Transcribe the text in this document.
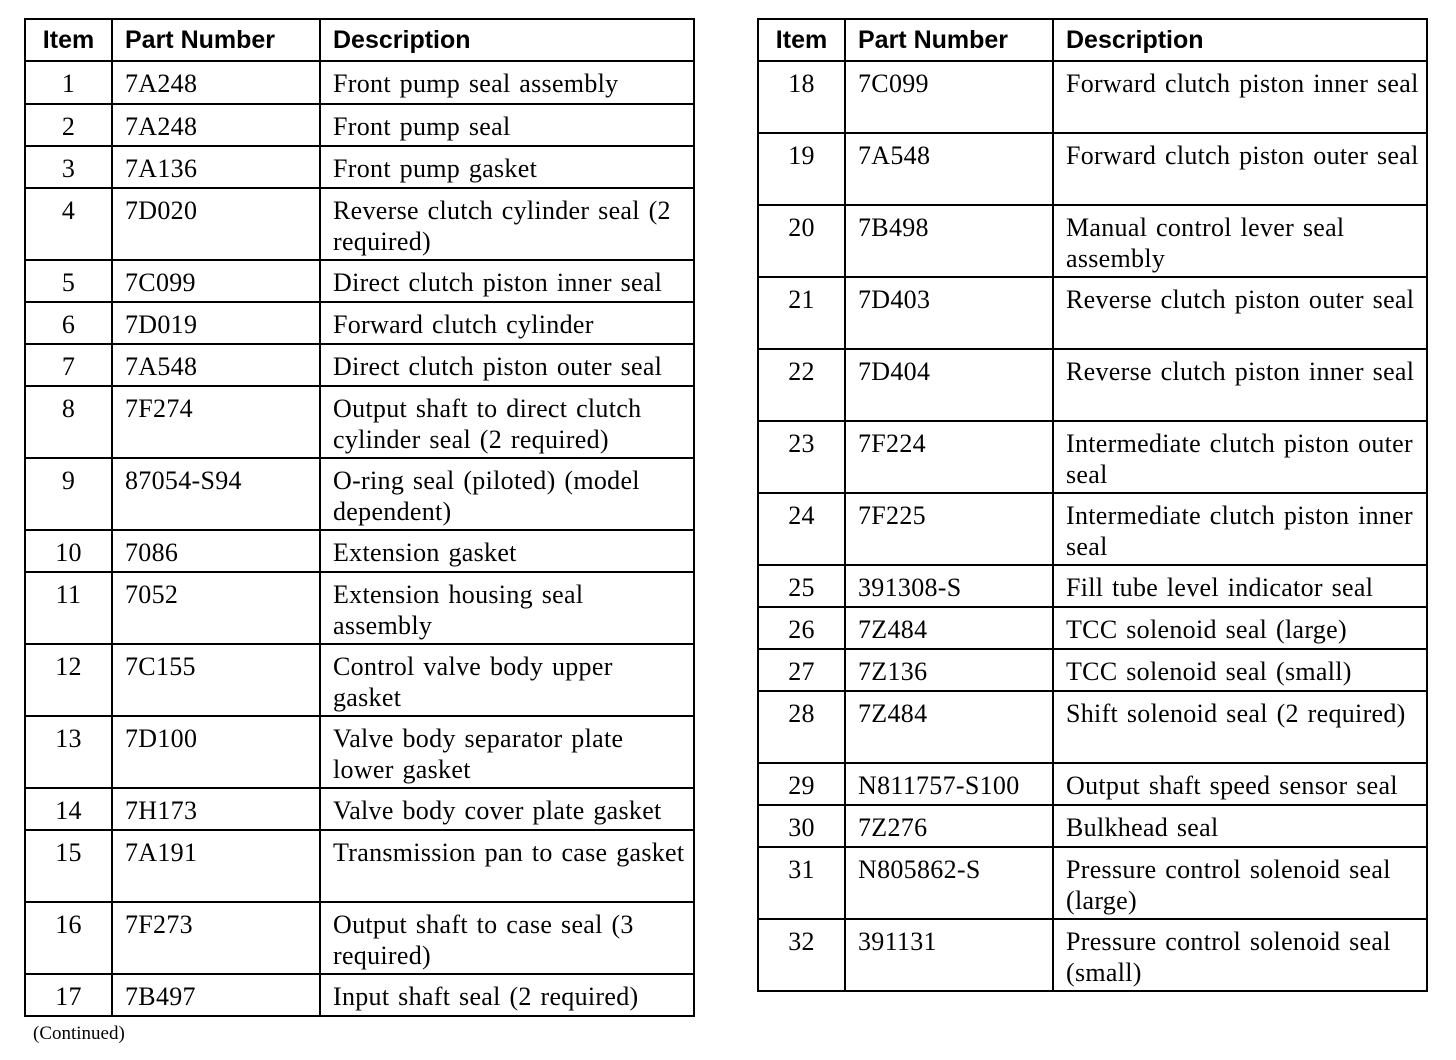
Item	Part Number	Description
1	7A248	Front pump seal assembly
2	7A248	Front pump seal
3	7A136	Front pump gasket
4	7D020	Reverse clutch cylinder seal (2 required)
5	7C099	Direct clutch piston inner seal
6	7D019	Forward clutch cylinder
7	7A548	Direct clutch piston outer seal
8	7F274	Output shaft to direct clutch cylinder seal (2 required)
9	87054-S94	O-ring seal (piloted) (model dependent)
10	7086	Extension gasket
11	7052	Extension housing seal assembly
12	7C155	Control valve body upper gasket
13	7D100	Valve body separator plate lower gasket
14	7H173	Valve body cover plate gasket
15	7A191	Transmission pan to case gasket
16	7F273	Output shaft to case seal (3 required)
17	7B497	Input shaft seal (2 required)
Item	Part Number	Description
18	7C099	Forward clutch piston inner seal
19	7A548	Forward clutch piston outer seal
20	7B498	Manual control lever seal assembly
21	7D403	Reverse clutch piston outer seal
22	7D404	Reverse clutch piston inner seal
23	7F224	Intermediate clutch piston outer seal
24	7F225	Intermediate clutch piston inner seal
25	391308-S	Fill tube level indicator seal
26	7Z484	TCC solenoid seal (large)
27	7Z136	TCC solenoid seal (small)
28	7Z484	Shift solenoid seal (2 required)
29	N811757-S100	Output shaft speed sensor seal
30	7Z276	Bulkhead seal
31	N805862-S	Pressure control solenoid seal (large)
32	391131	Pressure control solenoid seal (small)
(Continued)
